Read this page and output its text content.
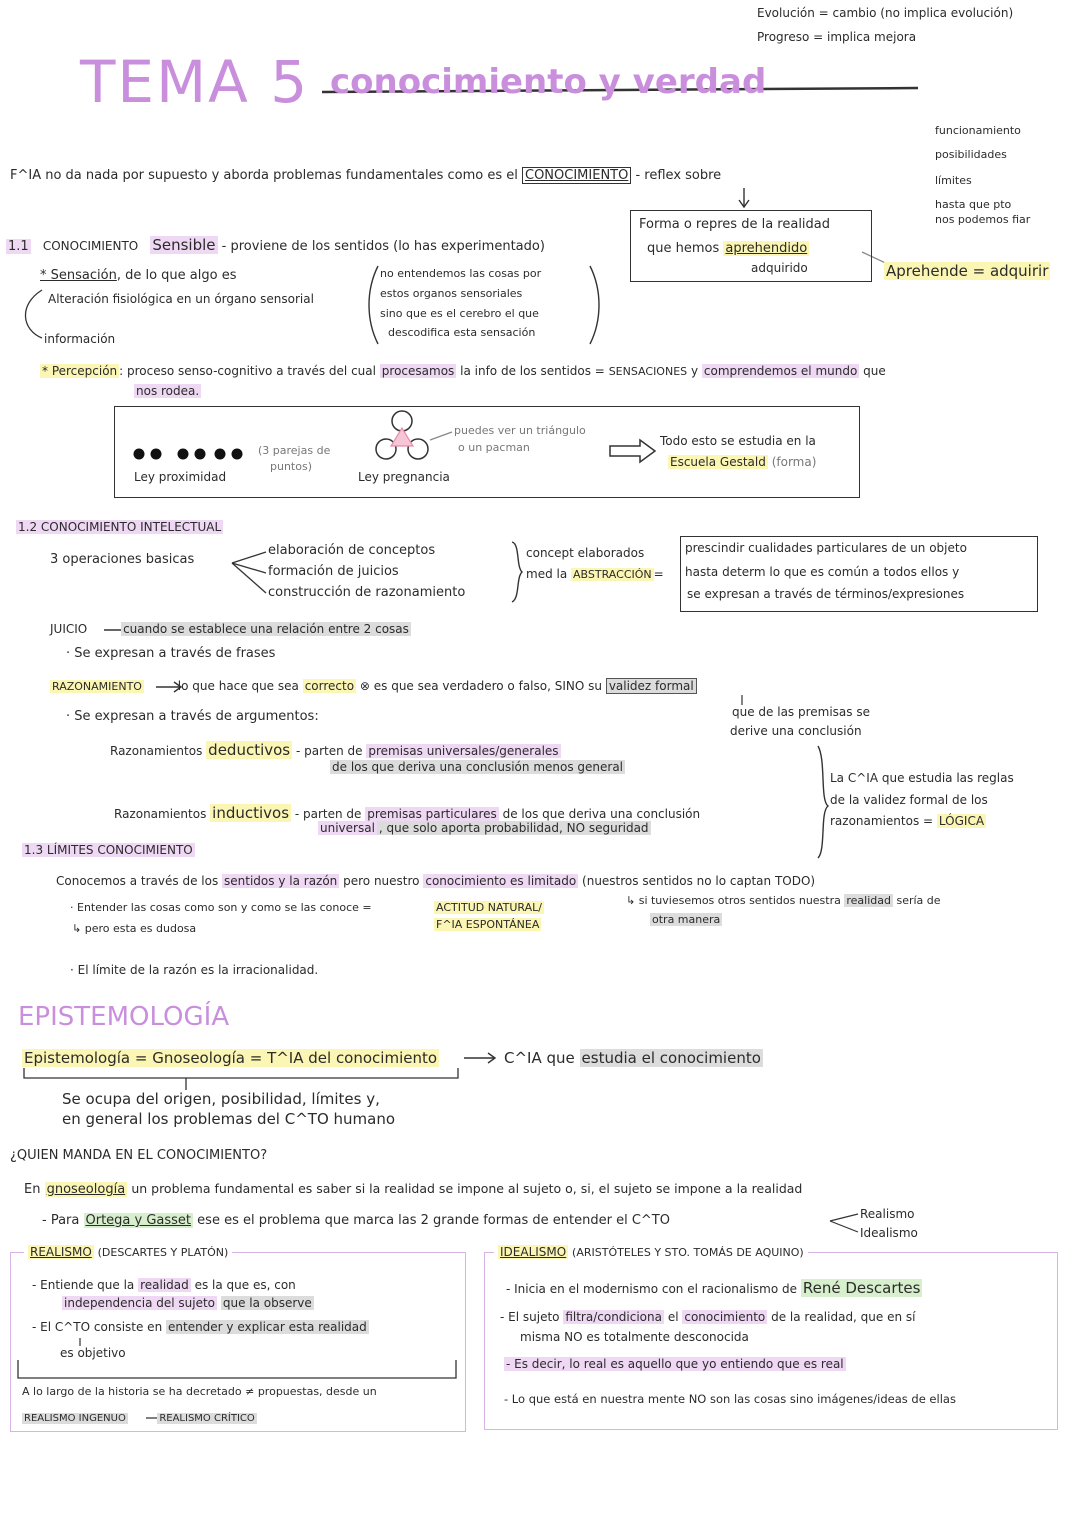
Evolución = cambio (no implica evolución)
Progreso = implica mejora
TEMA 5 conocimiento y verdad
funcionamiento
posibilidades
límites
hasta que pto
nos podemos fiar
F^IA no da nada por supuesto y aborda problemas fundamentales como es el CONOCIMIENTO - reflex sobre
Forma o repres de la realidad
que hemos aprehendido
adquirido	Aprehende = adquirir
1.1 CONOCIMIENTO Sensible - proviene de los sentidos (lo has experimentado)
* Sensación, de lo que algo es
Alteración fisiológica en un órgano sensorial
información
no entendemos las cosas por
estos organos sensoriales
sino que es el cerebro el que
descodifica esta sensación
* Percepción : proceso senso-cognitivo a través del cual procesamos la info de los sentidos = SENSACIONES y comprendemos el mundo que
nos rodea.
Ley proximidad
(3 parejas de
puntos)
Ley pregnancia
puedes ver un triángulo
o un pacman	Todo esto se estudia en la
Escuela Gestald (forma)
1.2 CONOCIMIENTO INTELECTUAL
3 operaciones basicas
elaboración de conceptos
formación de juicios
construcción de razonamiento
concept elaborados
med la ABSTRACCIÓN =
prescindir cualidades particulares de un objeto
hasta determ lo que es común a todos ellos y
se expresan a través de términos/expresiones
JUICIO	cuando se establece una relación entre 2 cosas
· Se expresan a través de frases
RAZONAMIENTO	lo que hace que sea correcto ⊗ es que sea verdadero o falso, SINO su validez formal
que de las premisas se
derive una conclusión
· Se expresan a través de argumentos:
Razonamientos deductivos - parten de premisas universales/generales
de los que deriva una conclusión menos general
Razonamientos inductivos - parten de premisas particulares de los que deriva una conclusión
universal , que solo aporta probabilidad, NO seguridad
La C^IA que estudia las reglas
de la validez formal de los
razonamientos = LÓGICA
1.3 LÍMITES CONOCIMIENTO
Conocemos a través de los sentidos y la razón pero nuestro conocimiento es limitado (nuestros sentidos no lo captan TODO)
· Entender las cosas como son y como se las conoce =	ACTITUD NATURAL/
F^IA ESPONTÁNEA
↳ pero esta es dudosa
↳ si tuviesemos otros sentidos nuestra realidad sería de
otra manera
· El límite de la razón es la irracionalidad.
EPISTEMOLOGÍA
Epistemología = Gnoseología = T^IA del conocimiento	C^IA que estudia el conocimiento
Se ocupa del origen, posibilidad, límites y,
en general los problemas del C^TO humano
¿QUIEN MANDA EN EL CONOCIMIENTO?
En gnoseología un problema fundamental es saber si la realidad se impone al sujeto o, si, el sujeto se impone a la realidad
- Para Ortega y Gasset ese es el problema que marca las 2 grande formas de entender el C^TO	Realismo
Idealismo
REALISMO (DESCARTES Y PLATÓN)
- Entiende que la realidad es la que es, con
independencia del sujeto que la observe
- El C^TO consiste en entender y explicar esta realidad
es objetivo
A lo largo de la historia se ha decretado ≠ propuestas, desde un
REALISMO INGENUO	REALISMO CRÍTICO
IDEALISMO (ARISTÓTELES Y STO. TOMÁS DE AQUINO)
- Inicia en el modernismo con el racionalismo de René Descartes
- El sujeto filtra/condiciona el conocimiento de la realidad, que en sí
misma NO es totalmente desconocida
- Es decir, lo real es aquello que yo entiendo que es real
- Lo que está en nuestra mente NO son las cosas sino imágenes/ideas de ellas
